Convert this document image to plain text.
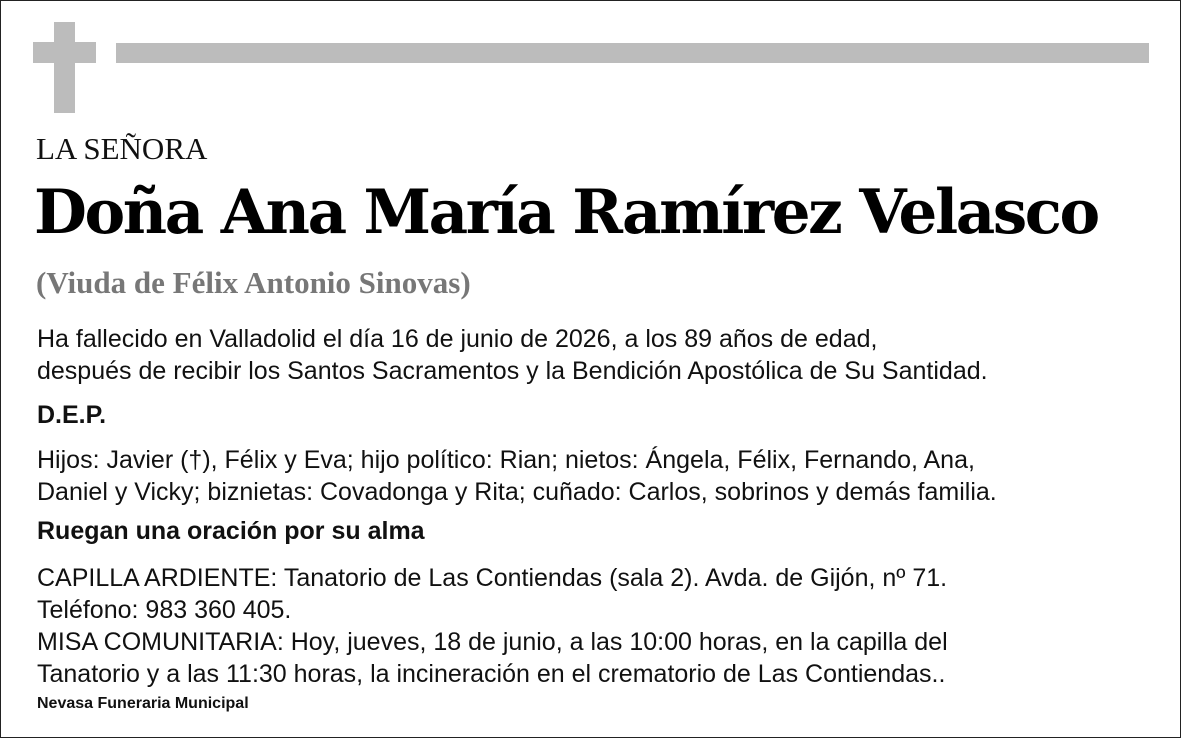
LA SEÑORA
Doña Ana María Ramírez Velasco
(Viuda de Félix Antonio Sinovas)
Ha fallecido en Valladolid el día 16 de junio de 2026, a los 89 años de edad,
después de recibir los Santos Sacramentos y la Bendición Apostólica de Su Santidad.
D.E.P.
Hijos: Javier (†), Félix y Eva; hijo político: Rian; nietos: Ángela, Félix, Fernando, Ana,
Daniel y Vicky; biznietas: Covadonga y Rita; cuñado: Carlos, sobrinos y demás familia.
Ruegan una oración por su alma
CAPILLA ARDIENTE: Tanatorio de Las Contiendas (sala 2). Avda. de Gijón, nº 71.
Teléfono: 983 360 405.
MISA COMUNITARIA: Hoy, jueves, 18 de junio, a las 10:00 horas, en la capilla del
Tanatorio y a las 11:30 horas, la incineración en el crematorio de Las Contiendas..
Nevasa Funeraria Municipal
